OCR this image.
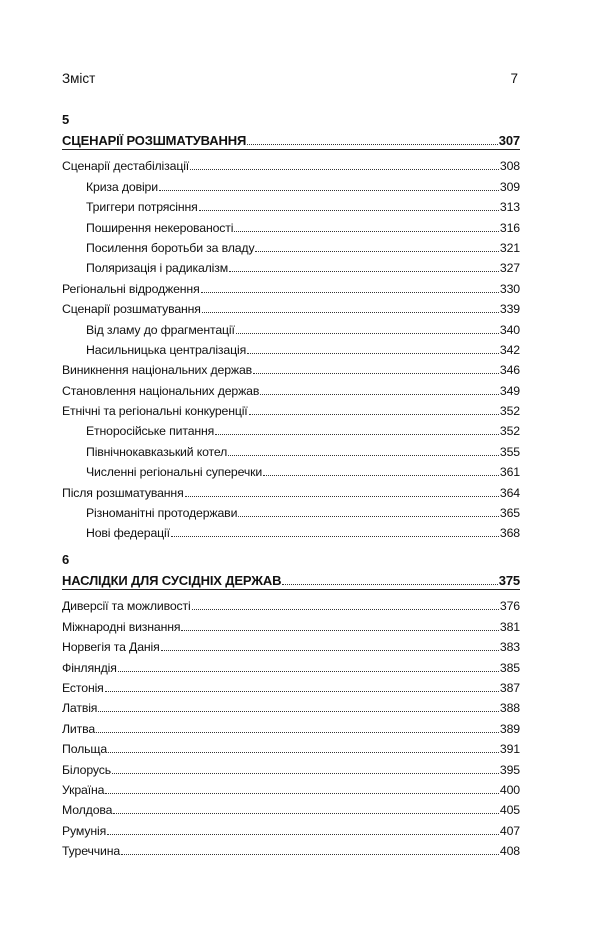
Зміст	7
5
СЦЕНАРІЇ РОЗШМАТУВАННЯ	307
Сценарії дестабілізації	308
Криза довіри	309
Триггери потрясіння	313
Поширення некерованості	316
Посилення боротьби за владу	321
Поляризація і радикалізм	327
Регіональні відродження	330
Сценарії розшматування	339
Від зламу до фрагментації	340
Насильницька централізація	342
Виникнення національних держав	346
Становлення національних держав	349
Етнічні та регіональні конкуренції	352
Етноросійське питання	352
Північнокавказький котел	355
Численні регіональні суперечки	361
Після розшматування	364
Різноманітні протодержави	365
Нові федерації	368
6
НАСЛІДКИ ДЛЯ СУСІДНІХ ДЕРЖАВ	375
Диверсії та можливості	376
Міжнародні визнання	381
Норвегія та Данія	383
Фінляндія	385
Естонія	387
Латвія	388
Литва	389
Польща	391
Білорусь	395
Україна	400
Молдова	405
Румунія	407
Туреччина	408
